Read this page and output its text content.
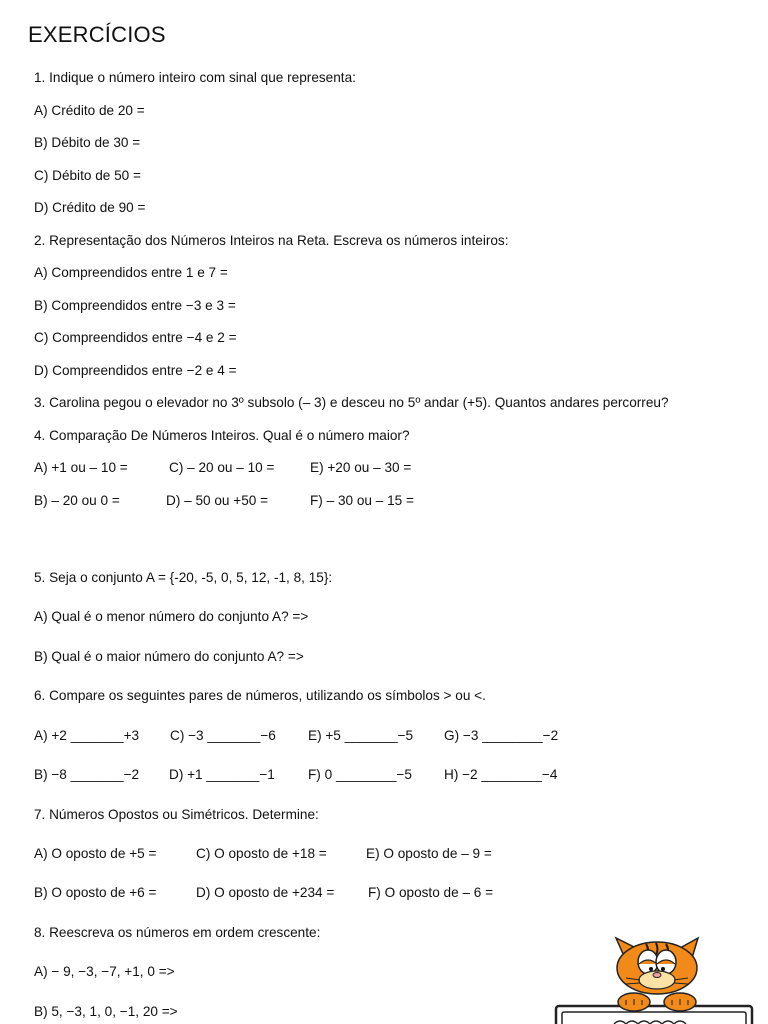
EXERCÍCIOS
1. Indique o número inteiro com sinal que representa:
A) Crédito de 20 =
B) Débito de 30 =
C) Débito de 50 =
D) Crédito de 90 =
2. Representação dos Números Inteiros na Reta. Escreva os números inteiros:
A) Compreendidos entre 1 e 7 =
B) Compreendidos entre −3 e 3 =
C) Compreendidos entre −4 e 2 =
D) Compreendidos entre −2 e 4 =
3. Carolina pegou o elevador no 3º subsolo (– 3) e desceu no 5º andar (+5). Quantos andares percorreu?
4. Comparação De Números Inteiros. Qual é o número maior?
A) +1 ou – 10 =	C) – 20 ou – 10 =	E) +20 ou – 30 =
B) – 20 ou 0 =	D) – 50 ou +50 =	F) – 30 ou – 15 =
5. Seja o conjunto A = {-20, -5, 0, 5, 12, -1, 8, 15}:
A) Qual é o menor número do conjunto A? =>
B) Qual é o maior número do conjunto A? =>
6. Compare os seguintes pares de números, utilizando os símbolos > ou <.
A) +2 _______+3 C) −3 _______−6 E) +5 _______−5 G) −3 ________−2
B) −8 _______−2 D) +1 _______−1 F) 0 ________−5 H) −2 ________−4
7. Números Opostos ou Simétricos. Determine:
A) O oposto de +5 =	C) O oposto de +18 =	E) O oposto de – 9 =
B) O oposto de +6 =	D) O oposto de +234 = F) O oposto de – 6 =
8. Reescreva os números em ordem crescente:
A) − 9, −3, −7, +1, 0 =>
B) 5, −3, 1, 0, −1, 20 =>
